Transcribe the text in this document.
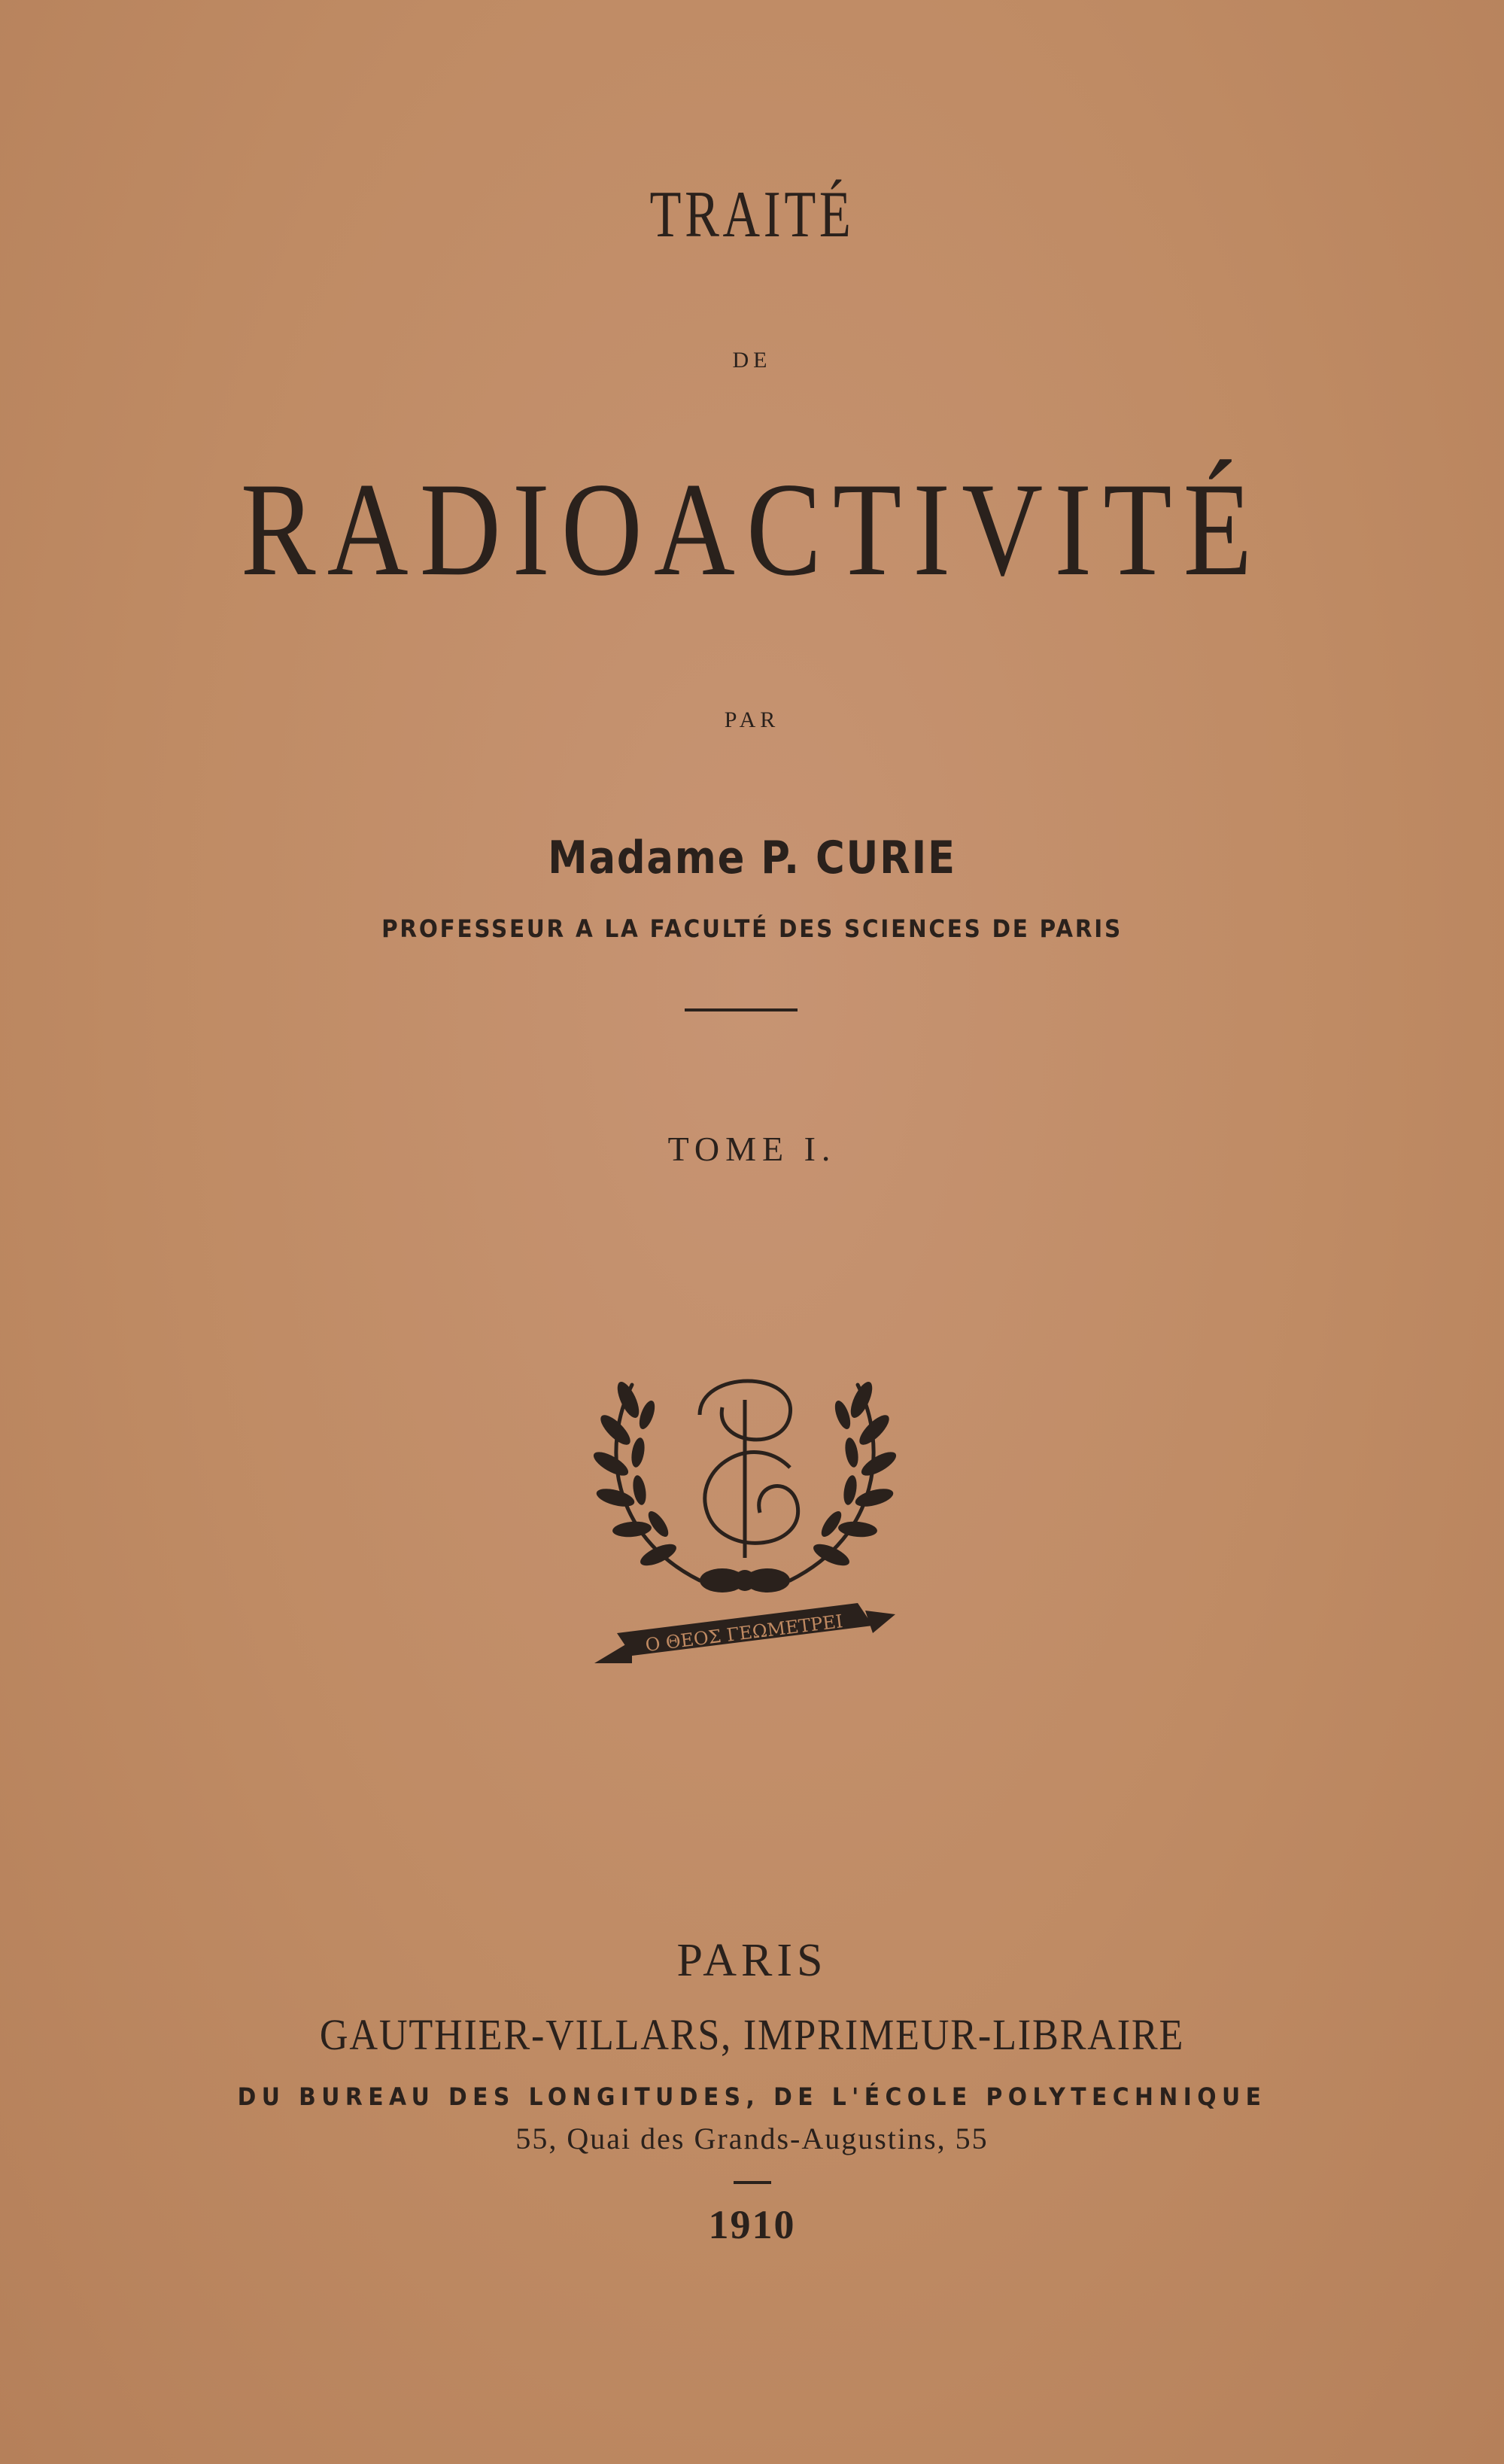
TRAITÉ
DE
RADIOACTIVITÉ
PAR
Madame P. CURIE
PROFESSEUR A LA FACULTÉ DES SCIENCES DE PARIS
TOME I.
Ο ΘΕΟΣ ΓΕΩΜΕΤΡΕΙ
PARIS
GAUTHIER-VILLARS, IMPRIMEUR-LIBRAIRE
DU BUREAU DES LONGITUDES, DE L'ÉCOLE POLYTECHNIQUE
55, Quai des Grands-Augustins, 55
1910
